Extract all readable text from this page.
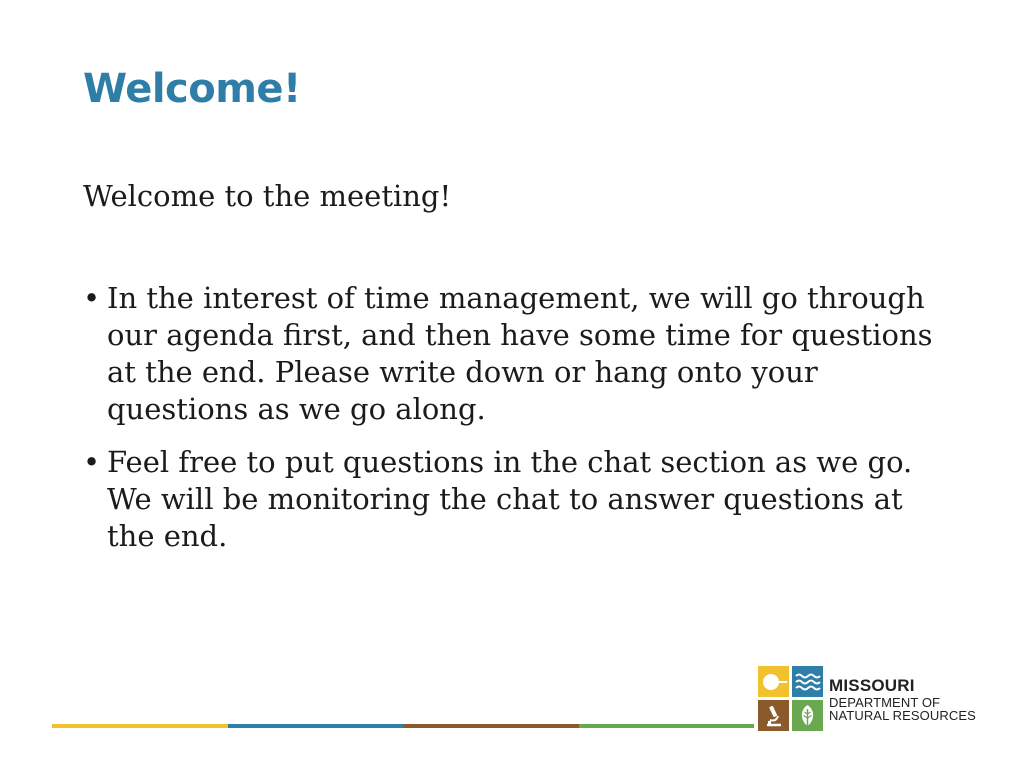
Welcome!

Welcome to the meeting!

• In the interest of time management, we will go through our agenda first, and then have some time for questions at the end. Please write down or hang onto your questions as we go along.
• Feel free to put questions in the chat section as we go. We will be monitoring the chat to answer questions at the end.
MISSOURI
DEPARTMENT OF
NATURAL RESOURCES
